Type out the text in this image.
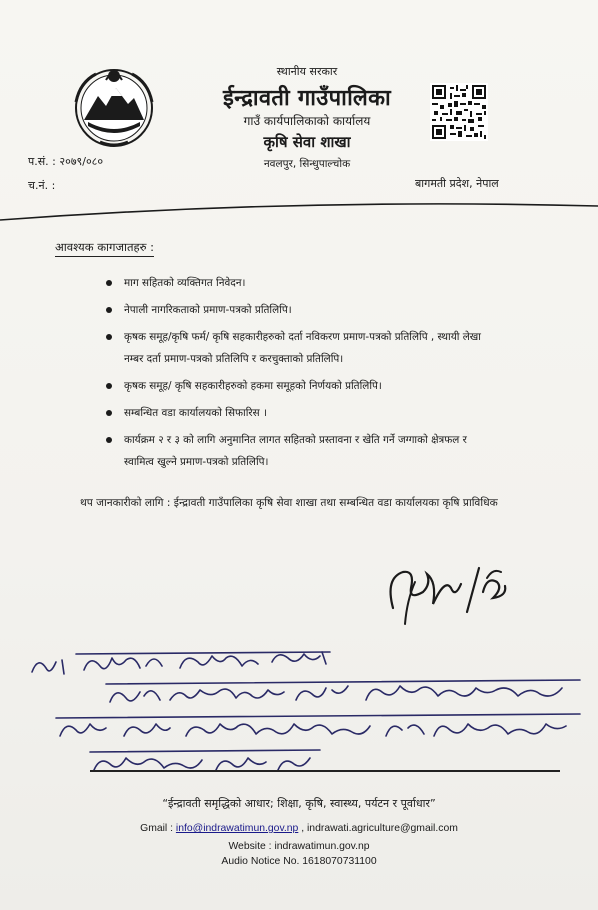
स्थानीय सरकार
ईन्द्रावती गाउँपालिका
गाउँ कार्यपालिकाको कार्यालय
कृषि सेवा शाखा
नवलपुर, सिन्धुपाल्चोक
प.सं. : २०७९/०८०
च.नं. :	बागमती प्रदेश, नेपाल
आवश्यक कागजातहरु :
माग सहितको व्यक्तिगत निवेदन।
नेपाली नागरिकताको प्रमाण-पत्रको प्रतिलिपि।
कृषक समूह/कृषि फर्म/ कृषि सहकारीहरुको दर्ता नविकरण प्रमाण-पत्रको प्रतिलिपि , स्थायी लेखा नम्बर दर्ता प्रमाण-पत्रको प्रतिलिपि र करचुक्ताको प्रतिलिपि।
कृषक समूह/ कृषि सहकारीहरुको हकमा समूहको निर्णयको प्रतिलिपि।
सम्बन्धित वडा कार्यालयको सिफारिस ।
कार्यक्रम २ र ३ को लागि अनुमानित लागत सहितको प्रस्तावना र खेति गर्ने जग्गाको क्षेत्रफल र स्वामित्व खुल्ने प्रमाण-पत्रको प्रतिलिपि।
थप जानकारीको लागि : ईन्द्रावती गाउँपालिका कृषि सेवा शाखा तथा सम्बन्धित वडा कार्यालयका कृषि प्राविधिक
“ईन्द्रावती समृद्धिको आधार; शिक्षा, कृषि, स्वास्थ्य, पर्यटन र पूर्वाधार”
Gmail : info@indrawatimun.gov.np , indrawati.agriculture@gmail.com
Website : indrawatimun.gov.np
Audio Notice No. 1618070731100
